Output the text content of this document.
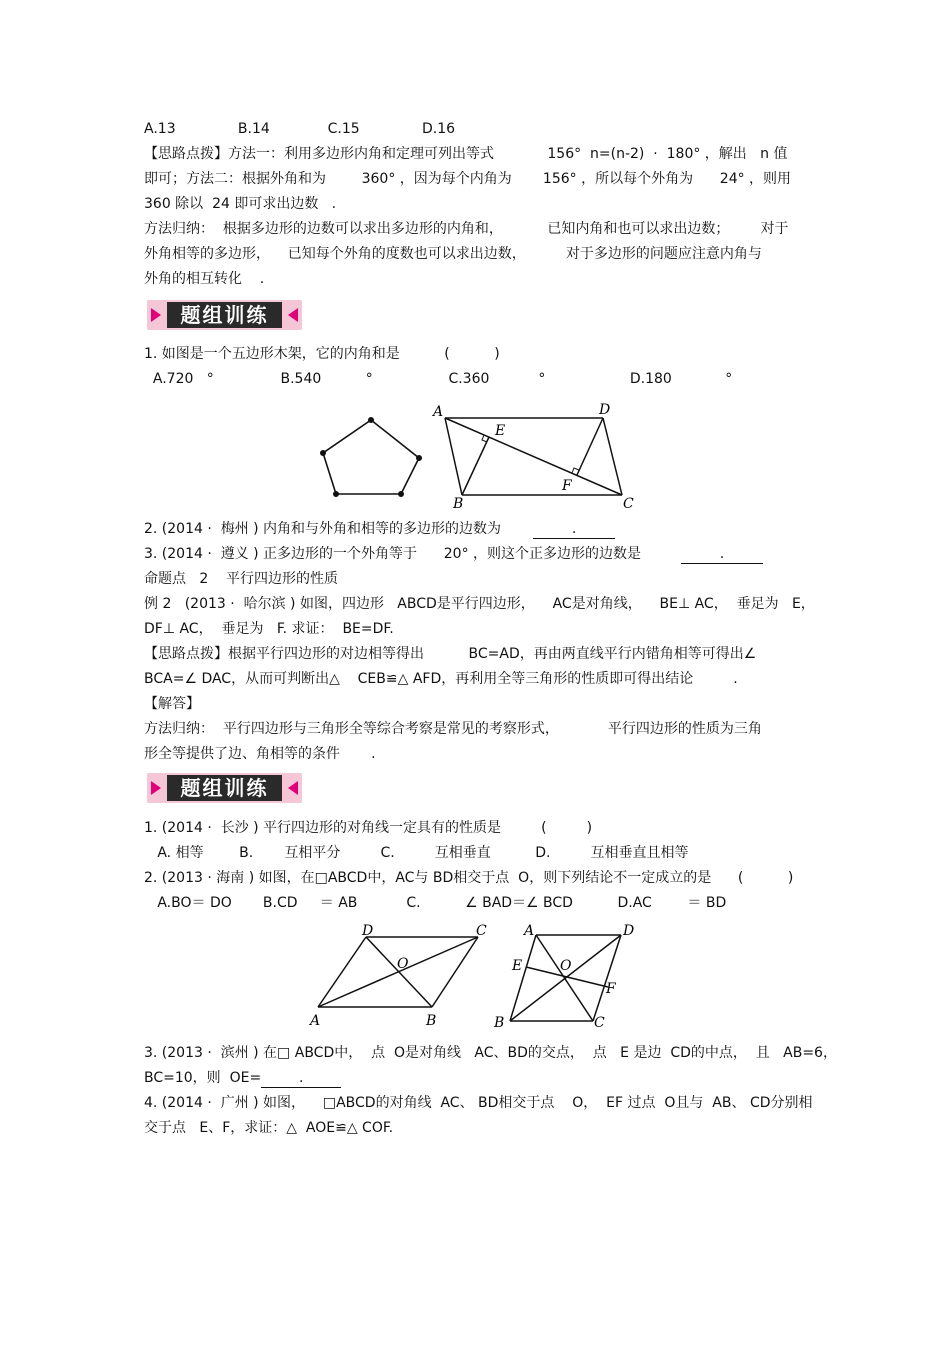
A.13              B.14             C.15              D.16
【思路点拨】方法一：利用多边形内角和定理可列出等式            156°  n=(n-2)  ·  180° ，解出   n 值
即可；方法二：根据外角和为        360° ，因为每个内角为       156° ，所以每个外角为      24° ，则用
360 除以  24 即可求出边数   .
方法归纳：  根据多边形的边数可以求出多边形的内角和，          已知内角和也可以求出边数；       对于
外角相等的多边形，    已知每个外角的度数也可以求出边数，         对于多边形的问题应注意内角与
外角的相互转化    .
题组训练
1. 如图是一个五边形木架，它的内角和是          (          )
A.720   °               B.540          °                 C.360           °                   D.180            °
A	D
B	C
E
F
2. (2014 ·  梅州 ) 内角和与外角和相等的多边形的边数为	.
3. (2014 ·  遵义 ) 正多边形的一个外角等于      20° ，则这个正多边形的边数是	.
命题点   2    平行四边形的性质
例 2   (2013 ·  哈尔滨 ) 如图，四边形   ABCD是平行四边形，    AC是对角线，    BE⊥ AC，  垂足为   E，
DF⊥ AC，  垂足为   F. 求证：  BE=DF.
【思路点拨】根据平行四边形的对边相等得出          BC=AD，再由两直线平行内错角相等可得出∠
BCA=∠ DAC，从而可判断出△    CEB≌△ AFD，再利用全等三角形的性质即可得出结论         .
【解答】
方法归纳：  平行四边形与三角形全等综合考察是常见的考察形式，           平行四边形的性质为三角
形全等提供了边、角相等的条件       .
题组训练
1. (2014 ·  长沙 ) 平行四边形的对角线一定具有的性质是         (         )
A. 相等        B.       互相平分         C.         互相垂直          D.         互相垂直且相等
2. (2013 · 海南 ) 如图，在□ABCD中，AC与 BD相交于点  O，则下列结论不一定成立的是      (          )
A.BO＝ DO       B.CD     ＝ AB           C.          ∠ BAD＝∠ BCD          D.AC        ＝ BD
D	C
A	B
O
A	D
B	C
E
F
O
3. (2013 ·  滨州 ) 在□ ABCD中，  点  O是对角线   AC、BD的交点，  点   E 是边  CD的中点，  且   AB=6，
BC=10，则  OE=	.
4. (2014 ·  广州 ) 如图，    □ABCD的对角线  AC、 BD相交于点    O，  EF 过点  O且与  AB、 CD分别相
交于点   E、F，求证：△  AOE≌△ COF.
